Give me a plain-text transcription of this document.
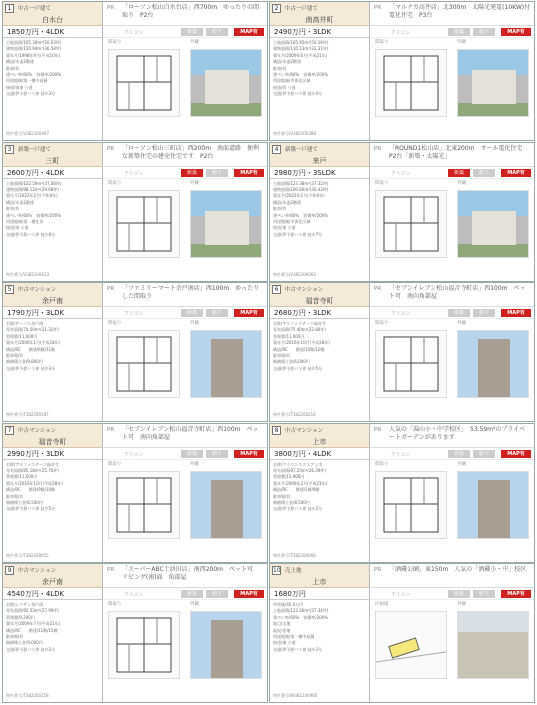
1	中古一戸建て
白水台
1850万円・4LDK
土地面積/165.39m²(50.03坪)
建物面積/120.94m²(36.58坪)
築年月/1998年9月(平成10年)
構造/木造2階建
駐車/有
建ぺい率/60%　容積率/200%
用途地域/第一種中高層
接道/南東 公道
交通/伊予鉄バス停 徒歩3分
物件番号/V382200497
PR 「ローソン松山白水台店」西700m　ゆったりの間取り　P2台
アイコン	新築	値下	MAP有
間取り	外観
2	中古一戸建て
南高井町
2490万円・3LDK
土地面積/165.95m²(50.19坪)
建物面積/110.13m²(33.31坪)
築年月/2009年6月(平成21年)
構造/木造2階建
駐車/有
建ぺい率/60%　容積率/200%
用途地域/市街化区域
接道/西 公道
交通/伊予鉄バス停 徒歩4分
物件番号/V382200388
PR 「マルナカ高井店」北300m　太陽光発電(10KW)付電化住宅　P3台
アイコン	新築	値下	MAP有
間取り	外観
3	新築一戸建て
三町
2600万円・4LDK
土地面積/122.59m²(37.08坪)
建物面積/98.12m²(29.68坪)
築年月/2022年2月(令和4年)
構造/木造2階建
駐車/有
建ぺい率/60%　容積率/200%
用途地域/第一種住居
接道/南 公道
交通/伊予鉄バス停 徒歩6分
物件番号/V382200413
PR 「ローソン松山三町店」西200m　南面道路　便利な新築住宅の建売住宅です　P2台
アイコン	新築	値下	MAP有
間取り	外観
4	新築一戸建て
来戸
2980万円・3SLDK
土地面積/123.38m²(37.32坪)
建物面積/100.60m²(30.43坪)
築年月/2022年2月(令和4年)
構造/木造2階建
駐車/有
建ぺい率/60%　容積率/200%
用途地域/市街化区域
接道/東 公道
交通/伊予鉄バス停 徒歩7分
物件番号/V382200002
PR 「ROUND1松山店」北東200m　オール電化住宅　P2台「新築・太陽光」
アイコン	新築	値下	MAP有
間取り	外観
5	中古マンション
余戸南
1790万円・3LDK
名称/サーパス余戸南
専有面積/70.50m²(21.32坪)
管理費/11,000円
築年月/2006年1月(平成18年)
構造/RC　　階建/6階/11階
駐車場/有
修繕積立金/9,800円
交通/伊予鉄バス停 徒歩3分
物件番号/T382200187
PR 「ファミリーマート余戸南店」西100m　ゆったりした間取り
アイコン	新築	値下	MAP有
間取り	外観
6	中古マンション
福音寺町
2680万円・3LDK
名称/アルファステーツ福音寺
専有面積/75.40m²(22.80坪)
管理費/11,000円
築年月/2016年10月(平成28年)
構造/RC　　階建/10階/10階
駐車場/有
修繕積立金/6,000円
交通/伊予鉄バス停 徒歩5分
物件番号/T382200216
PR 「セブンイレブン松山福音寺町店」西100m　ペット可　南向角部屋
アイコン	新築	値下	MAP有
間取り	外観
7	中古マンション
福音寺町
2990万円・3LDK
名称/アルファステーツ福音寺
専有面積/85.18m²(25.76坪)
管理費/11,600円
築年月/2016年10月(平成28年)
構造/RC　　階建/9階/10階
駐車場/有
修繕積立金/6,500円
交通/伊予鉄バス停 徒歩5分
物件番号/T382200055
PR 「セブンイレブン松山福音寺町店」西100m　ペット可　南向角部屋
アイコン	新築	値下	MAP有
間取り	外観
8	中古マンション
上市
3800万円・4LDK
名称/クラウンスクエア上市
専有面積/87.25m²(26.39坪)
管理費/11,900円
築年月/2009年2月(平成21年)
構造/RC　　階建/1階/9階
駐車場/有
修繕積立金/8,500円
交通/伊予鉄バス停 徒歩2分
物件番号/T382200060
PR 人気の「湯山小・中学校区」　53.59m²のプライベートガーデンがあります
アイコン	新築	値下	MAP有
間取り	外観
9	中古マンション
余戸南
4540万円・4LDK
名称/レクサン余戸南
専有面積/92.53m²(27.99坪)
管理費/9,200円
築年月/2009年7月(平成21年)
構造/RC　　階建/11階/15階
駐車場/有
修繕積立金/9,000円
交通/伊予鉄バス停 徒歩2分
物件番号/T382200158
PR 「スーパーABC土居田店」南西200m　ペット可　リビング(南)面　角部屋
アイコン	新築	値下	MAP有
間取り	外観
10 売土地
上市
1680万円
坪単価/45.0万円
土地面積/123.46m²(37.34坪)
建ぺい率/60%　容積率/200%
地目/宅地
現況/更地
用途地域/第一種中高層
接道/東 公道
交通/伊予鉄バス停 徒歩3分
物件番号/W382200960
PR 「酒蔵公園」東150m　人気の「酒蔵小・中」校区
アイコン	新築	値下	MAP有
区画図	外観
